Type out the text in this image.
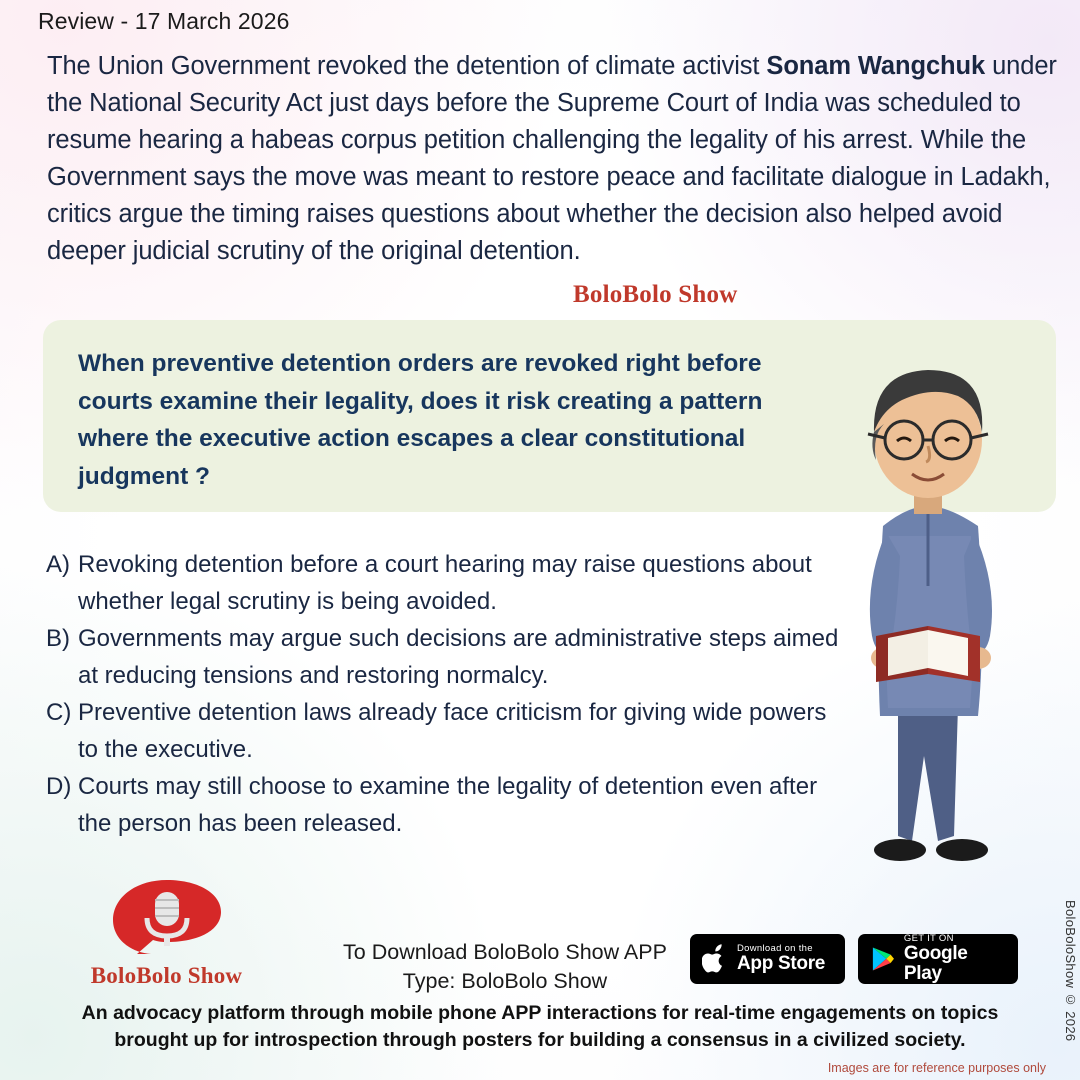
Review - 17 March 2026
The Union Government revoked the detention of climate activist Sonam Wangchuk under the National Security Act just days before the Supreme Court of India was scheduled to resume hearing a habeas corpus petition challenging the legality of his arrest. While the Government says the move was meant to restore peace and facilitate dialogue in Ladakh, critics argue the timing raises questions about whether the decision also helped avoid deeper judicial scrutiny of the original detention.
BoloBolo Show
When preventive detention orders are revoked right before courts examine their legality, does it risk creating a pattern where the executive action escapes a clear constitutional judgment ?
A) Revoking detention before a court hearing may raise questions about whether legal scrutiny is being avoided.
B) Governments may argue such decisions are administrative steps aimed at reducing tensions and restoring normalcy.
C) Preventive detention laws already face criticism for giving wide powers to the executive.
D) Courts may still choose to examine the legality of detention even after the person has been released.
BoloBolo Show
To Download BoloBolo Show APP
Type: BoloBolo Show
Download on the
App Store
GET IT ON
Google Play
An advocacy platform through mobile phone APP interactions for real-time engagements on topics
brought up for introspection through posters for building a consensus in a civilized society.
Images are for reference purposes only
BoloBoloShow © 2026
